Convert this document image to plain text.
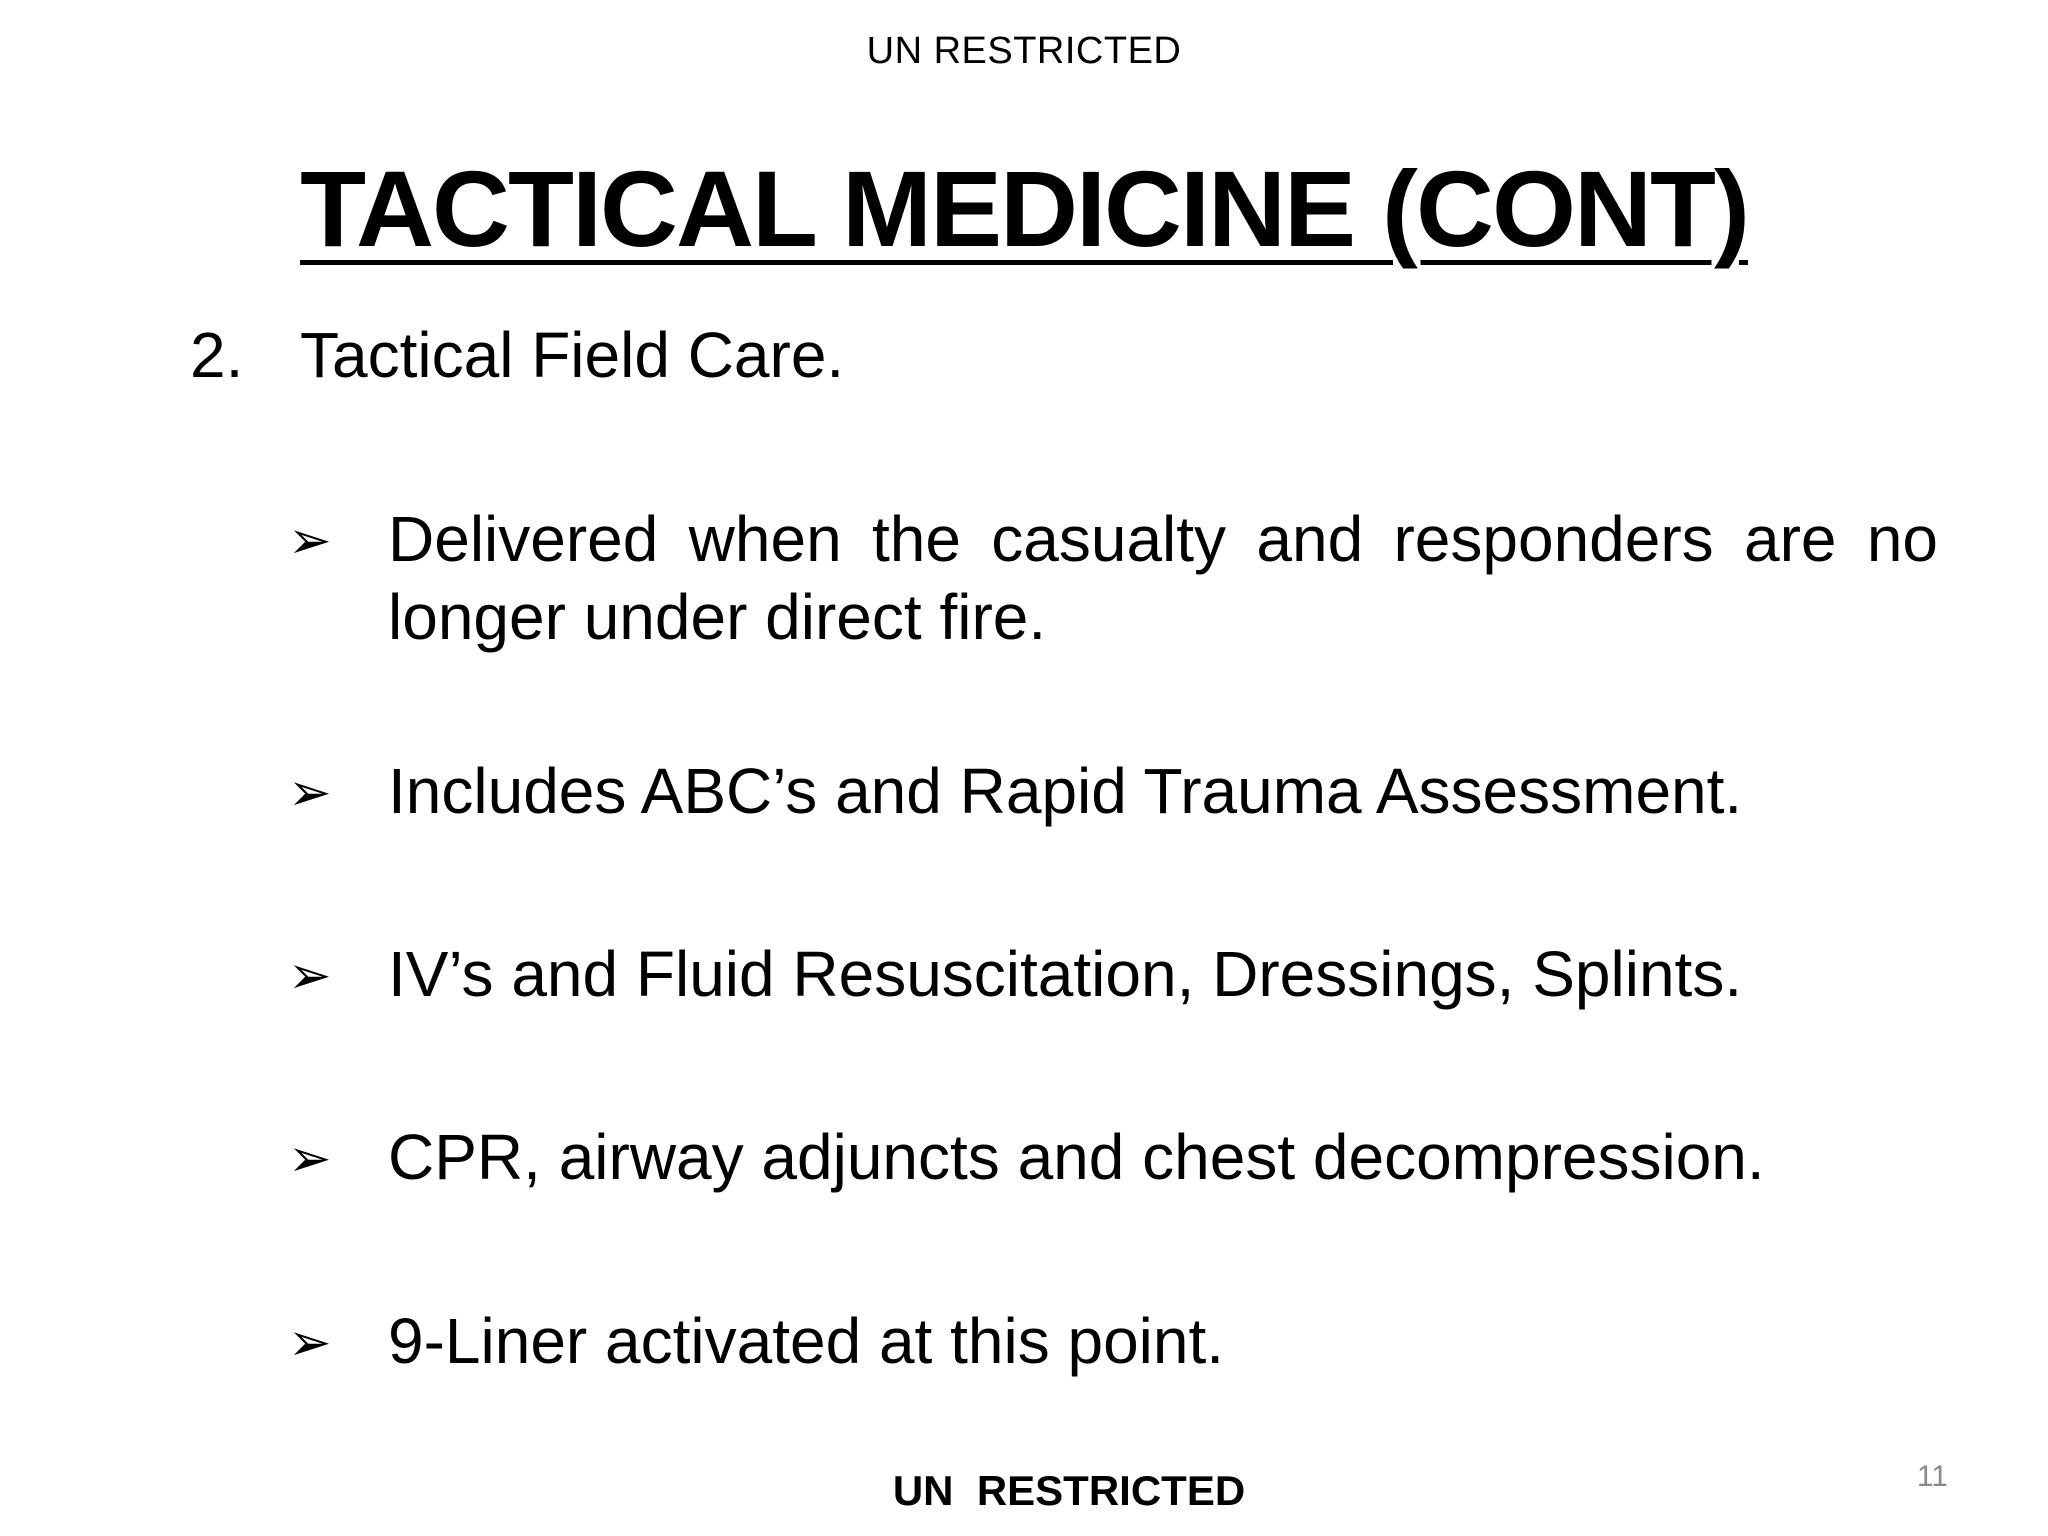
UN RESTRICTED
TACTICAL MEDICINE (CONT)
2. Tactical Field Care.
➢ Delivered when the casualty and responders are no longer under direct fire.
➢ Includes ABC’s and Rapid Trauma Assessment.
➢ IV’s and Fluid Resuscitation, Dressings, Splints.
➢ CPR, airway adjuncts and chest decompression.
➢ 9-Liner activated at this point.
UN  RESTRICTED	11
